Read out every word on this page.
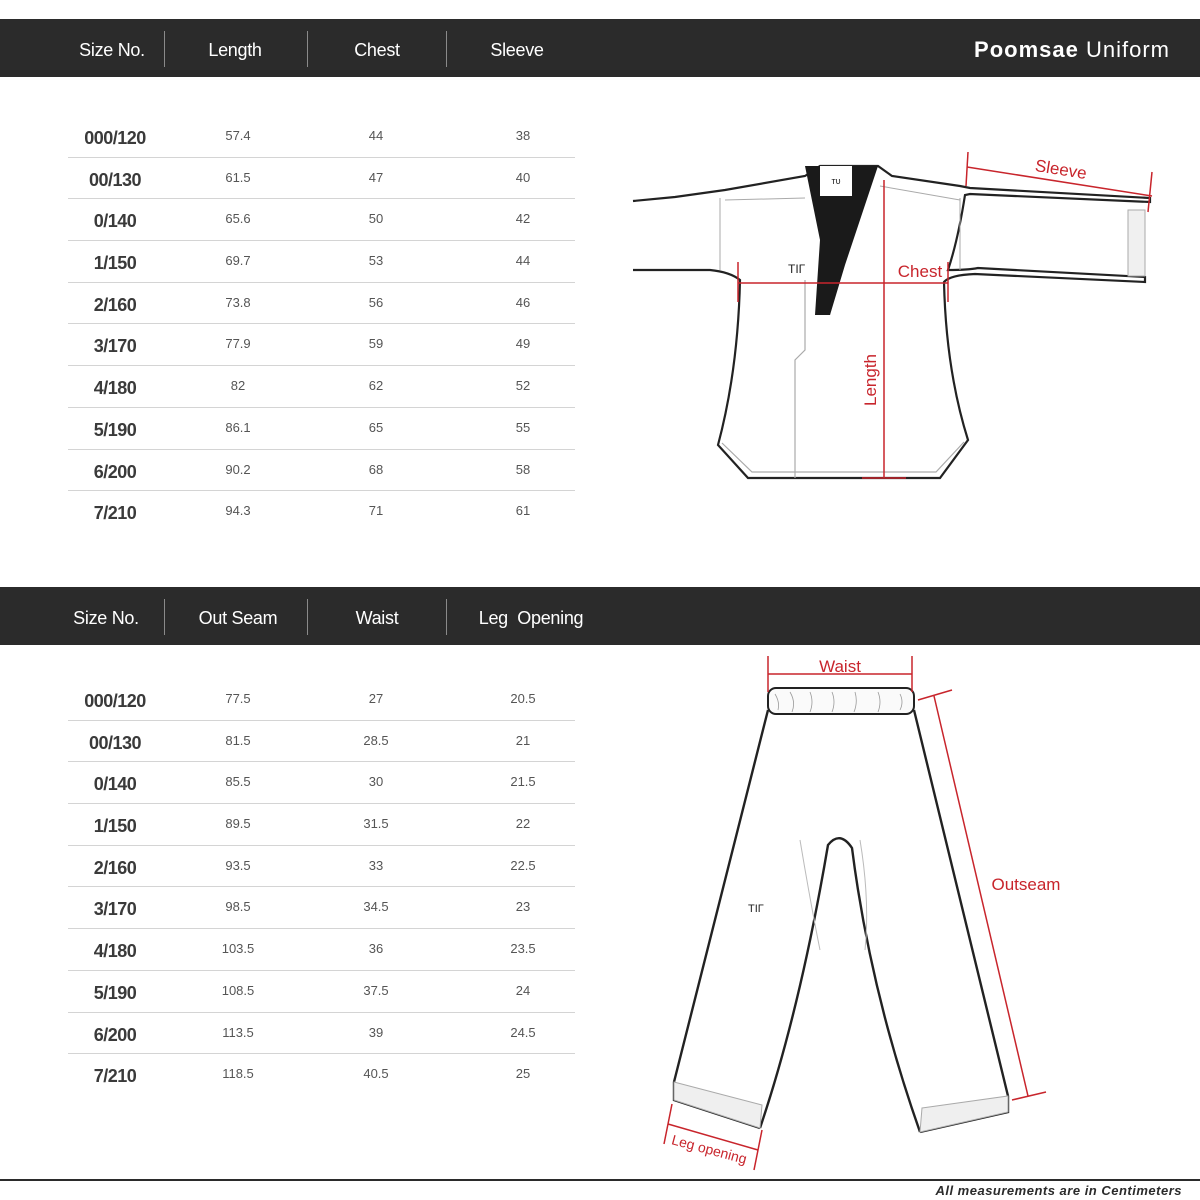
Size No.	Length	Chest	Sleeve	Poomsae Uniform
000/120	57.4	44	38
00/130	61.5	47	40
0/140	65.6	50	42
1/150	69.7	53	44
2/160	73.8	56	46
3/170	77.9	59	49
4/180	82	62	52
5/190	86.1	65	55
6/200	90.2	68	58
7/210	94.3	71	61
ᴛᴜ
TIГ
Sleeve
Chest
Length
Size No.	Out Seam	Waist	Leg  Opening
000/120	77.5	27	20.5
00/130	81.5	28.5	21
0/140	85.5	30	21.5
1/150	89.5	31.5	22
2/160	93.5	33	22.5
3/170	98.5	34.5	23
4/180	103.5	36	23.5
5/190	108.5	37.5	24
6/200	113.5	39	24.5
7/210	118.5	40.5	25
TIГ
Waist
Outseam
Leg opening
All measurements are in Centimeters
